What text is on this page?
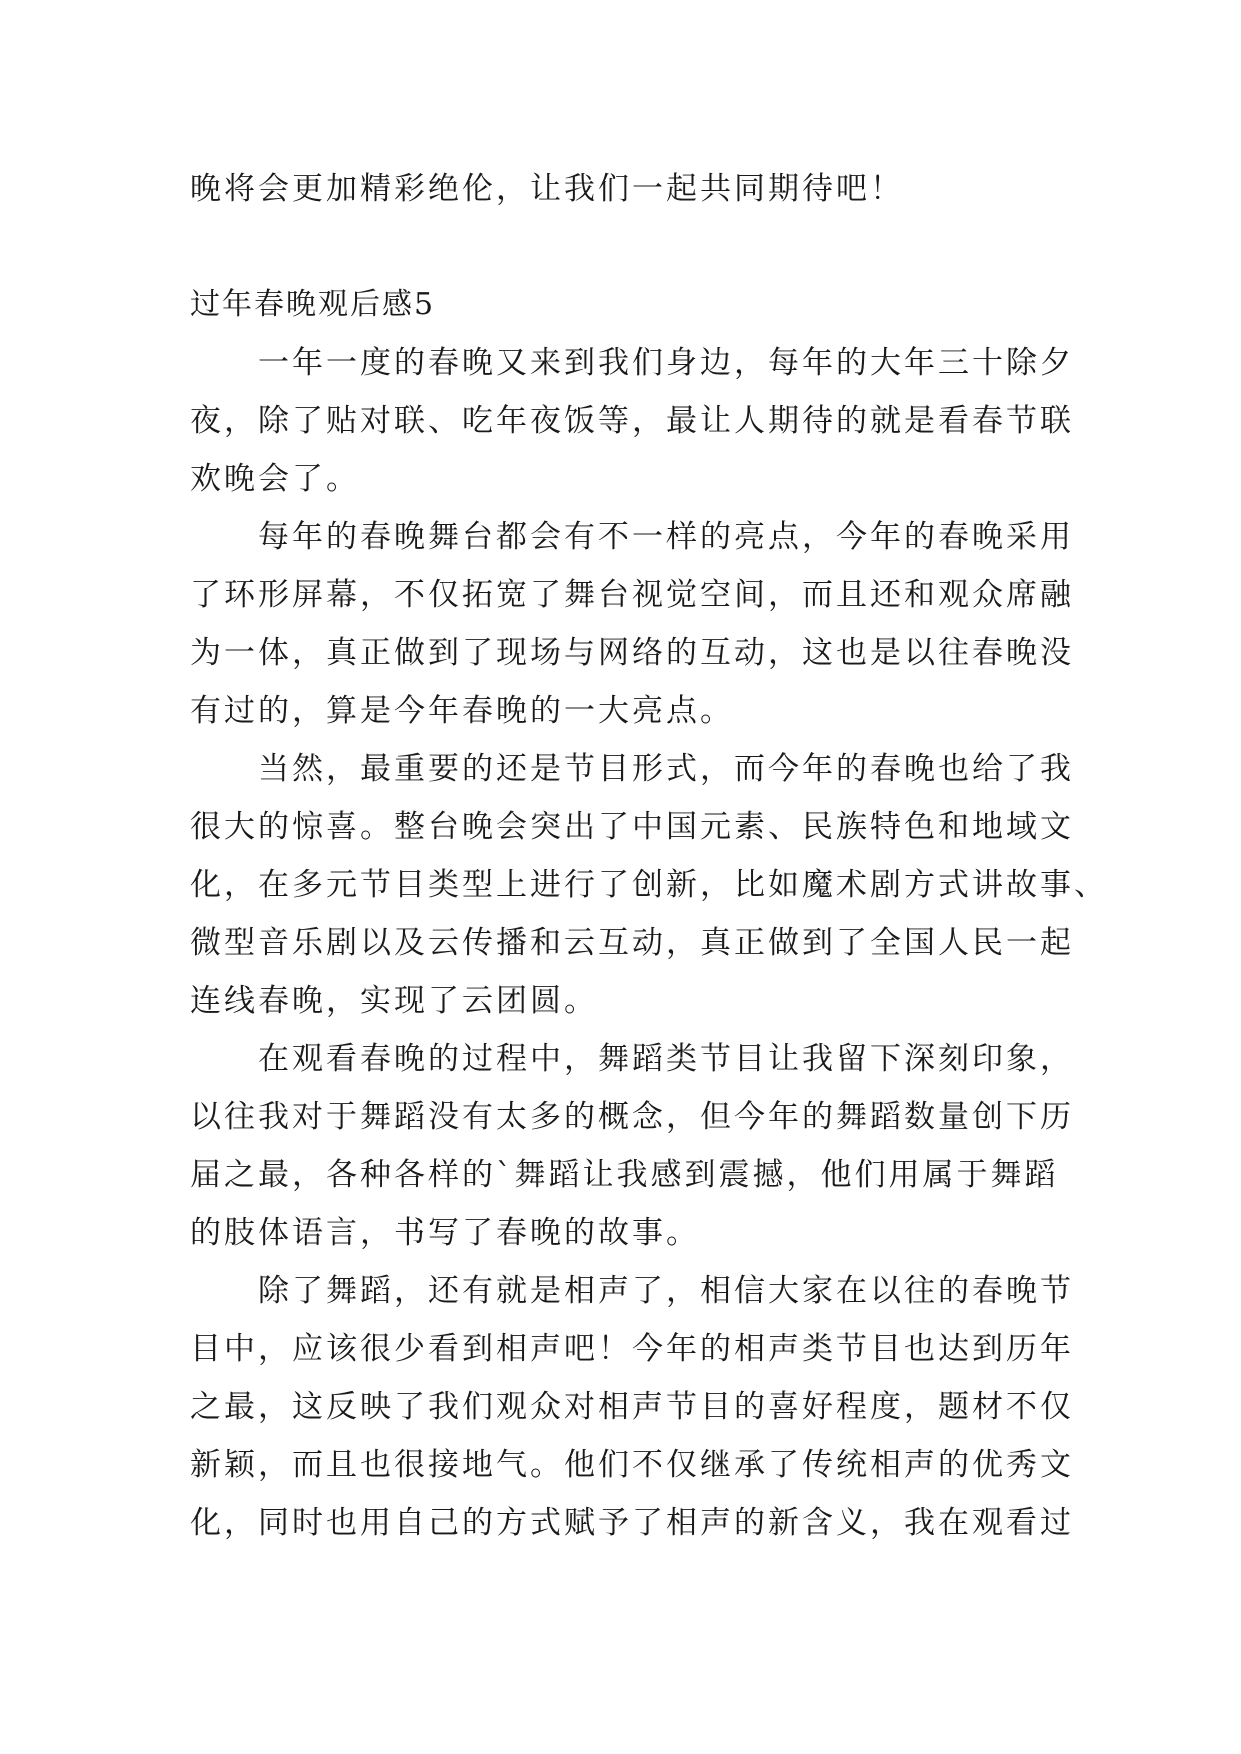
晚将会更加精彩绝伦，让我们一起共同期待吧！
过年春晚观后感5
一年一度的春晚又来到我们身边，每年的大年三十除夕
夜，除了贴对联、吃年夜饭等，最让人期待的就是看春节联
欢晚会了。
每年的春晚舞台都会有不一样的亮点，今年的春晚采用
了环形屏幕，不仅拓宽了舞台视觉空间，而且还和观众席融
为一体，真正做到了现场与网络的互动，这也是以往春晚没
有过的，算是今年春晚的一大亮点。
当然，最重要的还是节目形式，而今年的春晚也给了我
很大的惊喜。整台晚会突出了中国元素、民族特色和地域文
化，在多元节目类型上进行了创新，比如魔术剧方式讲故事、
微型音乐剧以及云传播和云互动，真正做到了全国人民一起
连线春晚，实现了云团圆。
在观看春晚的过程中，舞蹈类节目让我留下深刻印象，
以往我对于舞蹈没有太多的概念，但今年的舞蹈数量创下历
届之最，各种各样的`舞蹈让我感到震撼，他们用属于舞蹈
的肢体语言，书写了春晚的故事。
除了舞蹈，还有就是相声了，相信大家在以往的春晚节
目中，应该很少看到相声吧！今年的相声类节目也达到历年
之最，这反映了我们观众对相声节目的喜好程度，题材不仅
新颖，而且也很接地气。他们不仅继承了传统相声的优秀文
化，同时也用自己的方式赋予了相声的新含义，我在观看过
